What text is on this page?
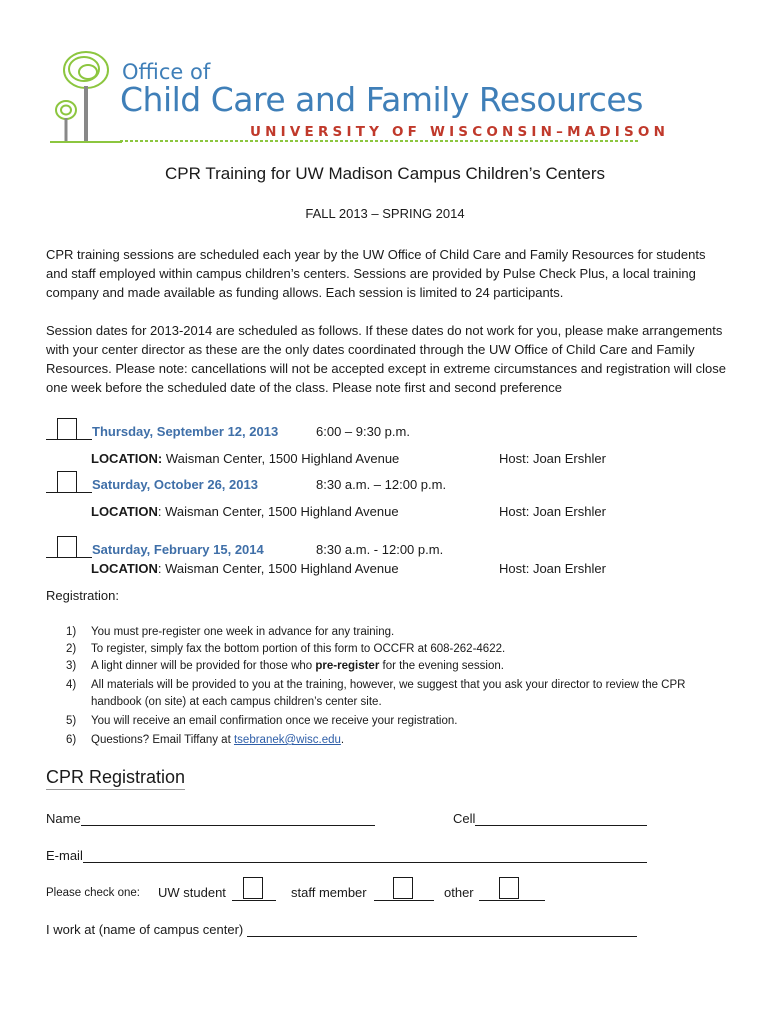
Office of
Child Care and Family Resources
UNIVERSITY OF WISCONSIN–MADISON
CPR Training for UW Madison Campus Children’s Centers
FALL 2013 – SPRING 2014
CPR training sessions are scheduled each year by the UW Office of Child Care and Family Resources for students and staff employed within campus children’s centers. Sessions are provided by Pulse Check Plus, a local training company and made available as funding allows. Each session is limited to 24 participants.
Session dates for 2013-2014 are scheduled as follows. If these dates do not work for you, please make arrangements with your center director as these are the only dates coordinated through the UW Office of Child Care and Family Resources. Please note: cancellations will not be accepted except in extreme circumstances and registration will close one week before the scheduled date of the class. Please note first and second preference
Thursday, September 12, 2013	6:00 – 9:30 p.m.
LOCATION: Waisman Center, 1500 Highland Avenue	Host: Joan Ershler
Saturday, October 26, 2013	8:30 a.m. – 12:00 p.m.
LOCATION: Waisman Center, 1500 Highland Avenue	Host: Joan Ershler
Saturday, February 15, 2014	8:30 a.m. - 12:00 p.m.
LOCATION: Waisman Center, 1500 Highland Avenue	Host: Joan Ershler
Registration:
1) You must pre-register one week in advance for any training.
2) To register, simply fax the bottom portion of this form to OCCFR at 608-262-4622.
3) A light dinner will be provided for those who pre-register for the evening session.
4) All materials will be provided to you at the training, however, we suggest that you ask your director to review the CPR handbook (on site) at each campus children’s center site.
5) You will receive an email confirmation once we receive your registration.
6) Questions? Email Tiffany at tsebranek@wisc.edu.
CPR Registration
Name	Cell
E-mail
Please check one: UW student	staff member	other
I work at (name of campus center)
